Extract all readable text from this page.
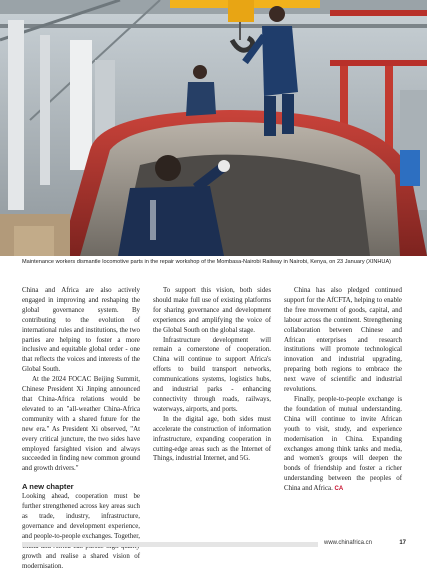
Maintenance workers dismantle locomotive parts in the repair workshop of the Mombasa-Nairobi Railway in Nairobi, Kenya, on 23 January (XINHUA)

China and Africa are also actively engaged in improving and reshaping the global governance system. By contributing to the evolution of international rules and institutions, the two parties are helping to foster a more inclusive and equitable global order - one that reflects the voices and interests of the Global South.

At the 2024 FOCAC Beijing Summit, Chinese President Xi Jinping announced that China-Africa relations would be elevated to an "all-weather China-Africa community with a shared future for the new era." As President Xi observed, "At every critical juncture, the two sides have employed farsighted vision and always succeeded in finding new common ground and growth drivers."

A new chapter

Looking ahead, cooperation must be further strengthened across key areas such as trade, industry, infrastructure, governance and development experience, and people-to-people exchanges. Together, growth and realise a shared vision of modernisation.

To support this vision, both sides should make full use of existing platforms for sharing governance and development experiences and amplifying the voice of the Global South on the global stage.

Infrastructure development will remain a cornerstone of cooperation. China will continue to support Africa's efforts to build transport networks, communications systems, logistics hubs, and industrial parks - enhancing connectivity through roads, railways, waterways, airports, and ports.

In the digital age, both sides must accelerate the construction of information infrastructure, expanding cooperation in cutting-edge areas such as the Internet of Things, industrial Internet, and 5G.

China has also pledged continued support for the AfCFTA, helping to enable the free movement of goods, capital, and labour across the continent. Strengthening collaboration between Chinese and African enterprises and research institutions will promote technological innovation and industrial upgrading, preparing both regions to embrace the next wave of scientific and industrial revolutions.

Finally, people-to-people exchange is the foundation of mutual understanding. China will continue to invite African youth to visit, study, and experience modernisation in China. Expanding exchanges among think tanks and media, and women's groups will deepen the bonds of friendship and foster a richer understanding between the peoples of China and Africa. CA

www.chinafrica.cn	17
